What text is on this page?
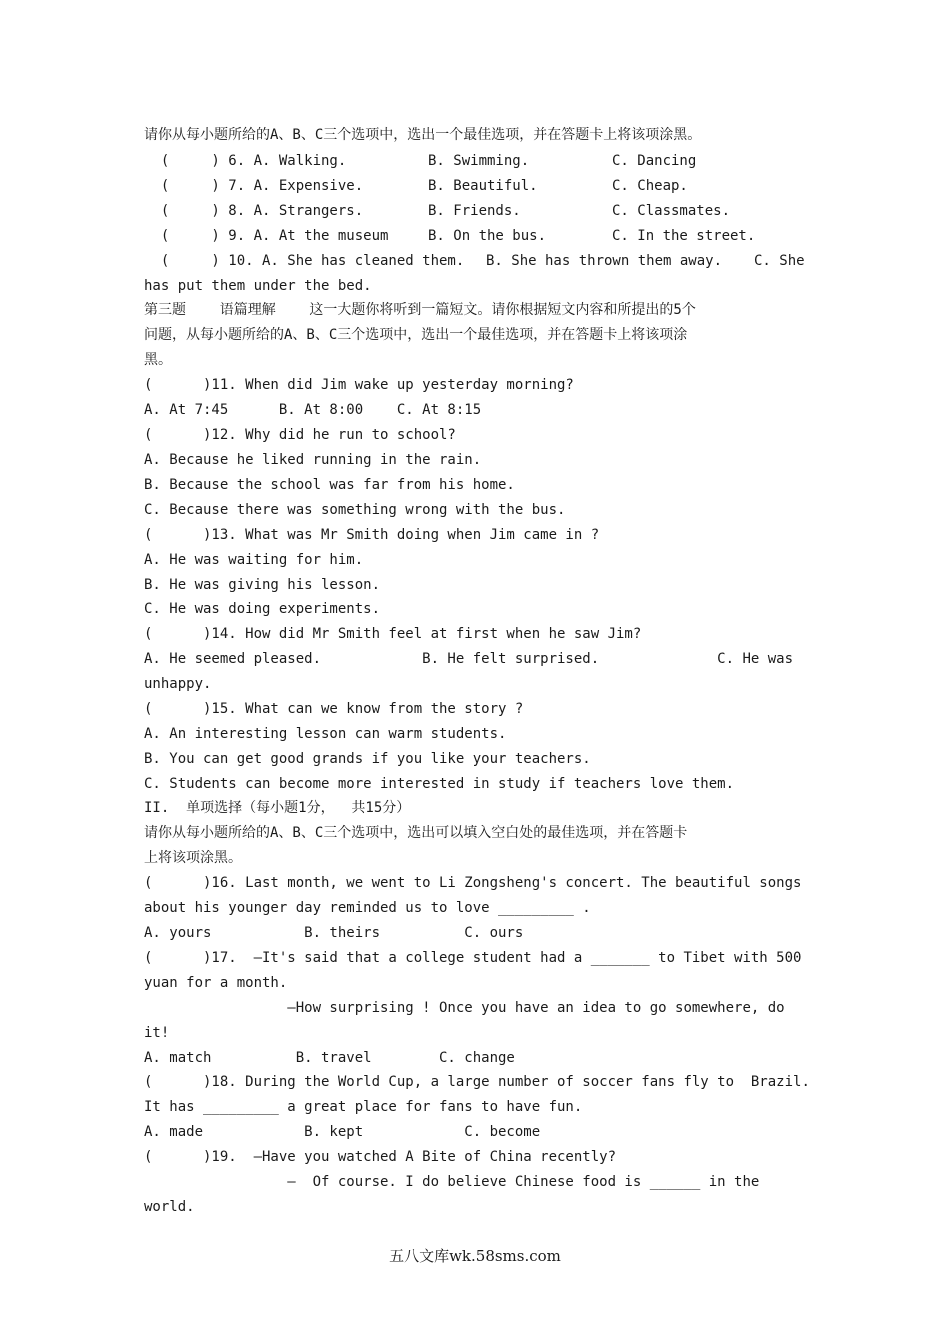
请你从每小题所给的A、B、C三个选项中，选出一个最佳选项，并在答题卡上将该项涂黑。

(     ) 6. A. Walking.

	B. Swimming.

	C. Dancing

(     ) 7. A. Expensive.

	B. Beautiful.

	C. Cheap.

(     ) 8. A. Strangers.

	B. Friends.

	C. Classmates.

(     ) 9. A. At the museum

	B. On the bus.

	C. In the street.

(     ) 10. A. She has cleaned them.

B. She has thrown them away.

C. She

has put them under the bed.
第三题    语篇理解    这一大题你将听到一篇短文。请你根据短文内容和所提出的5个
问题，从每小题所给的A、B、C三个选项中，选出一个最佳选项，并在答题卡上将该项涂
黑。
(      )11. When did Jim wake up yesterday morning?
A. At 7:45      B. At 8:00    C. At 8:15
(      )12. Why did he run to school?
A. Because he liked running in the rain.
B. Because the school was far from his home.
C. Because there was something wrong with the bus.
(      )13. What was Mr Smith doing when Jim came in ?
A. He was waiting for him.
B. He was giving his lesson.
C. He was doing experiments.
(      )14. How did Mr Smith feel at first when he saw Jim?
A. He seemed pleased.            B. He felt surprised.              C. He was
unhappy.
(      )15. What can we know from the story ?
A. An interesting lesson can warm students.
B. You can get good grands if you like your teachers.
C. Students can become more interested in study if teachers love them.
II.  单项选择（每小题1分，  共15分）
请你从每小题所给的A、B、C三个选项中，选出可以填入空白处的最佳选项，并在答题卡
上将该项涂黑。
(      )16. Last month, we went to Li Zongsheng's concert. The beautiful songs
about his younger day reminded us to love _________ .
A. yours           B. theirs          C. ours
(      )17.  —It's said that a college student had a _______ to Tibet with 500
yuan for a month.
—How surprising ! Once you have an idea to go somewhere, do
it!
A. match          B. travel        C. change
(      )18. During the World Cup, a large number of soccer fans fly to  Brazil.
It has _________ a great place for fans to have fun.
A. made            B. kept            C. become
(      )19.  —Have you watched A Bite of China recently?
—  Of course. I do believe Chinese food is ______ in the
world.
五八文库wk.58sms.com
